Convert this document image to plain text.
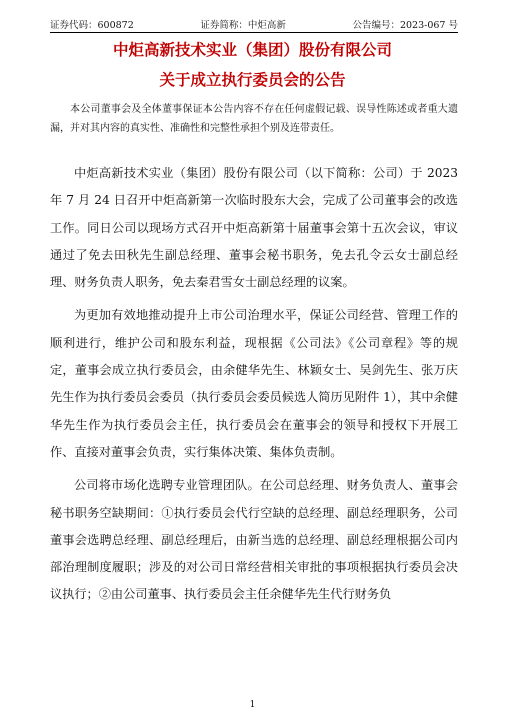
证券代码：600872	证券简称：中炬高新	公告编号：2023-067 号
中炬高新技术实业（集团）股份有限公司
关于成立执行委员会的公告
本公司董事会及全体董事保证本公告内容不存在任何虚假记载、误导性陈述或者重大遗漏，并对其内容的真实性、准确性和完整性承担个别及连带责任。

中炬高新技术实业（集团）股份有限公司（以下简称：公司）于 2023 年 7 月 24 日召开中炬高新第一次临时股东大会，完成了公司董事会的改选工作。同日公司以现场方式召开中炬高新第十届董事会第十五次会议，审议通过了免去田秋先生副总经理、董事会秘书职务，免去孔令云女士副总经理、财务负责人职务，免去秦君雪女士副总经理的议案。

为更加有效地推动提升上市公司治理水平，保证公司经营、管理工作的顺利进行，维护公司和股东利益，现根据《公司法》《公司章程》等的规定，董事会成立执行委员会，由余健华先生、林颖女士、吴剑先生、张万庆先生作为执行委员会委员（执行委员会委员候选人简历见附件 1），其中余健华先生作为执行委员会主任，执行委员会在董事会的领导和授权下开展工作、直接对董事会负责，实行集体决策、集体负责制。

公司将市场化选聘专业管理团队。在公司总经理、财务负责人、董事会秘书职务空缺期间：①执行委员会代行空缺的总经理、副总经理职务，公司董事会选聘总经理、副总经理后，由新当选的总经理、副总经理根据公司内部治理制度履职；涉及的对公司日常经营相关审批的事项根据执行委员会决议执行；②由公司董事、执行委员会主任余健华先生代行财务负

1
